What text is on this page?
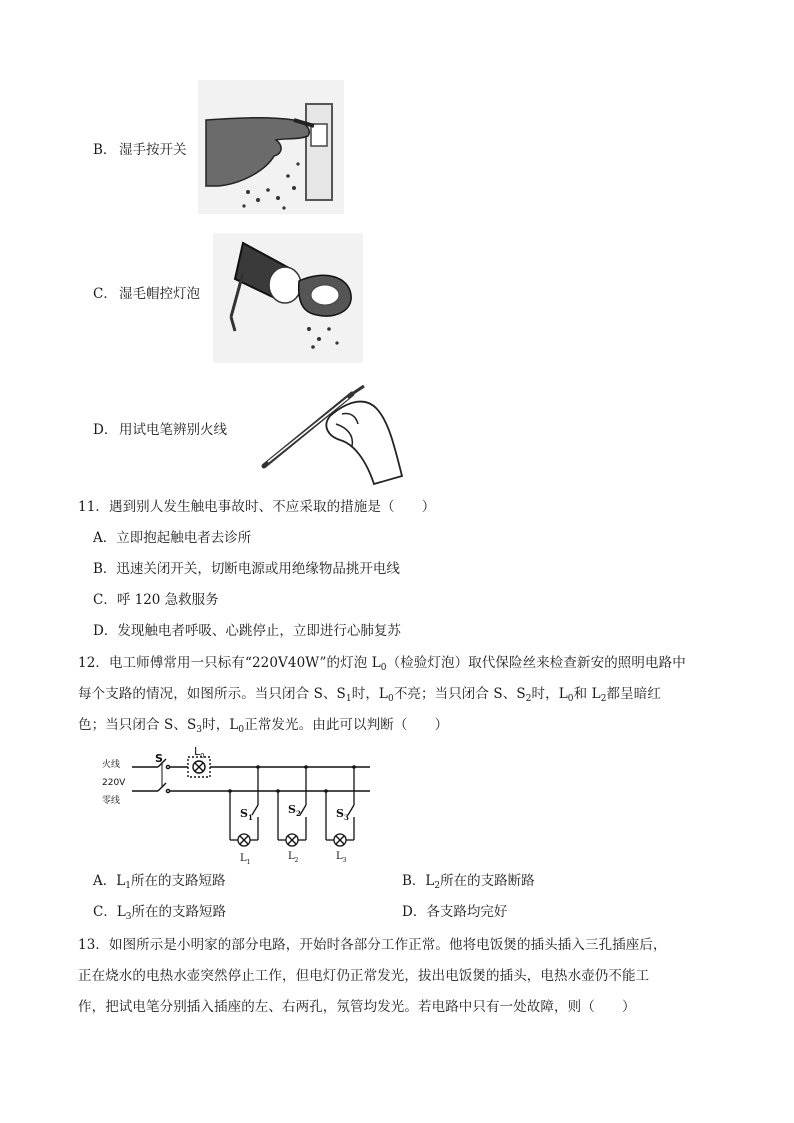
B． 湿手按开关
C． 湿毛帽控灯泡
D． 用试电笔辨别火线
11．遇到别人发生触电事故时、不应采取的措施是（　　）
A．立即抱起触电者去诊所
B．迅速关闭开关，切断电源或用绝缘物品挑开电线
C．呼 120 急救服务
D．发现触电者呼吸、心跳停止，立即进行心肺复苏
12．电工师傅常用一只标有“220V40W”的灯泡 $L_0$（检验灯泡）取代保险丝来检查新安的照明电路中
每个支路的情况，如图所示。当只闭合 S、$S_1$时，$L_0$不亮；当只闭合 S、$S_2$时，$L_0$和 $L_2$都呈暗红
色；当只闭合 S、$S_3$时，$L_0$正常发光。由此可以判断（　　）
火线
220V
零线
S
$L_0$
$S_1$
$S_2$	$S_3$
$L_1$
$L_2$	$L_3$
A．$L_1$所在的支路短路	B．$L_2$所在的支路断路
C．$L_3$所在的支路短路	D．各支路均完好
13．如图所示是小明家的部分电路，开始时各部分工作正常。他将电饭煲的插头插入三孔插座后，
正在烧水的电热水壶突然停止工作，但电灯仍正常发光，拔出电饭煲的插头，电热水壶仍不能工
作，把试电笔分别插入插座的左、右两孔，氖管均发光。若电路中只有一处故障，则（　　）
